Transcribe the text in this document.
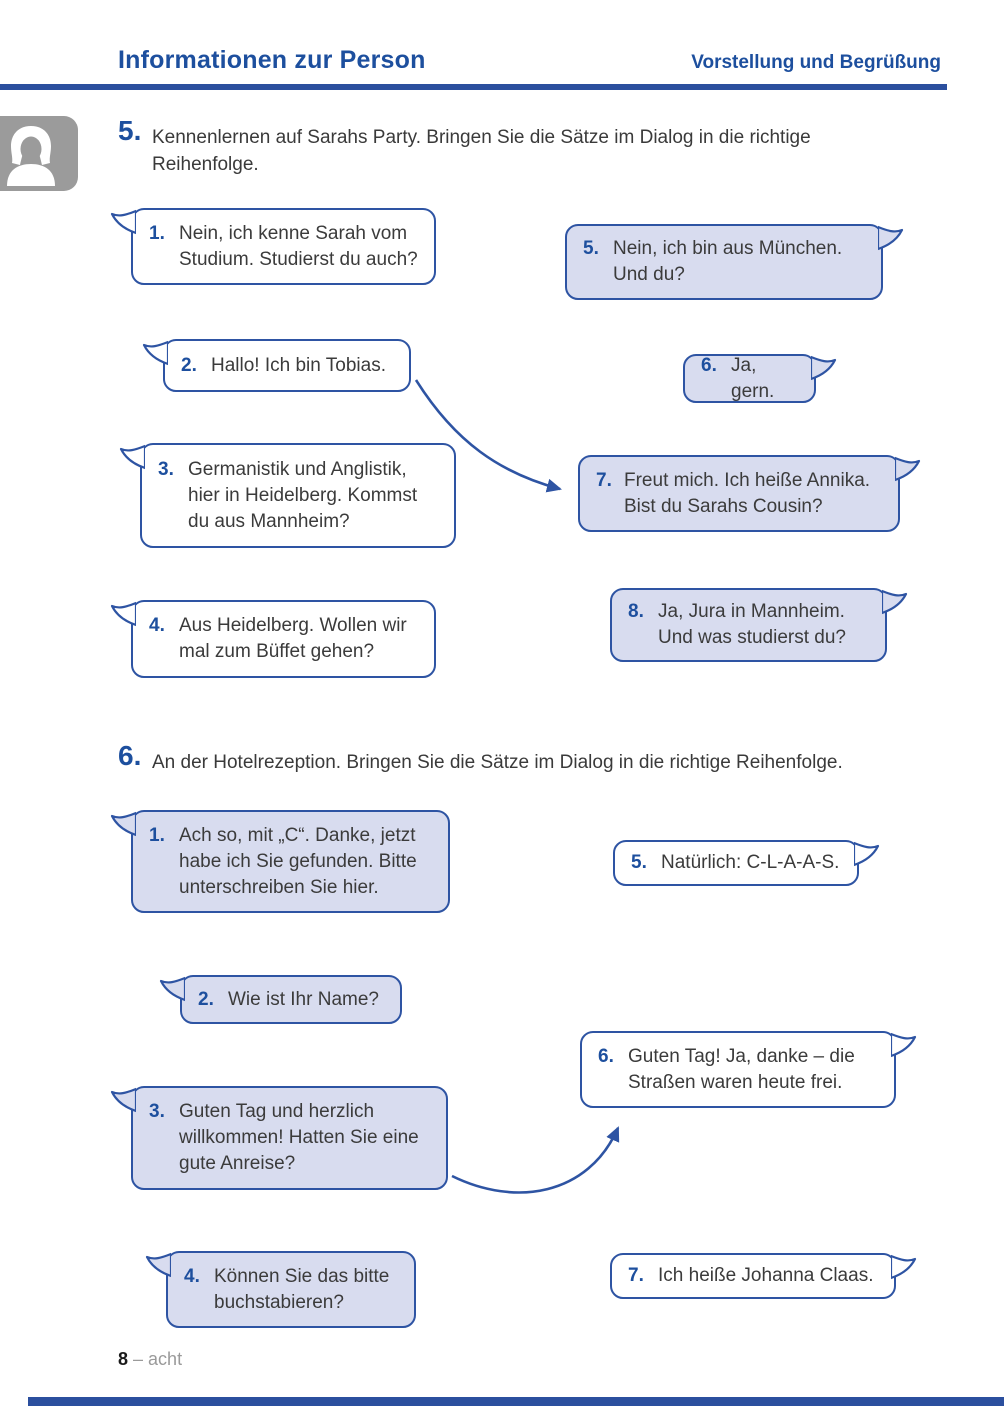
Informationen zur Person	Vorstellung und Begrüßung
5. Kennenlernen auf Sarahs Party. Bringen Sie die Sätze im Dialog in die richtige Reihenfolge.
1. Nein, ich kenne Sarah vom Studium. Studierst du auch?
2. Hallo! Ich bin Tobias.
3. Germanistik und Anglistik, hier in Heidelberg. Kommst du aus Mannheim?
4. Aus Heidelberg. Wollen wir mal zum Büffet gehen?
5. Nein, ich bin aus München. Und du?
6. Ja, gern.
7. Freut mich. Ich heiße Annika. Bist du Sarahs Cousin?
8. Ja, Jura in Mannheim. Und was studierst du?
6. An der Hotelrezeption. Bringen Sie die Sätze im Dialog in die richtige Reihenfolge.
1. Ach so, mit „C“. Danke, jetzt habe ich Sie gefunden. Bitte unterschreiben Sie hier.
2. Wie ist Ihr Name?
3. Guten Tag und herzlich willkommen! Hatten Sie eine gute Anreise?
4. Können Sie das bitte buchstabieren?
5. Natürlich: C-L-A-A-S.
6. Guten Tag! Ja, danke – die Straßen waren heute frei.
7. Ich heiße Johanna Claas.
8 – acht
